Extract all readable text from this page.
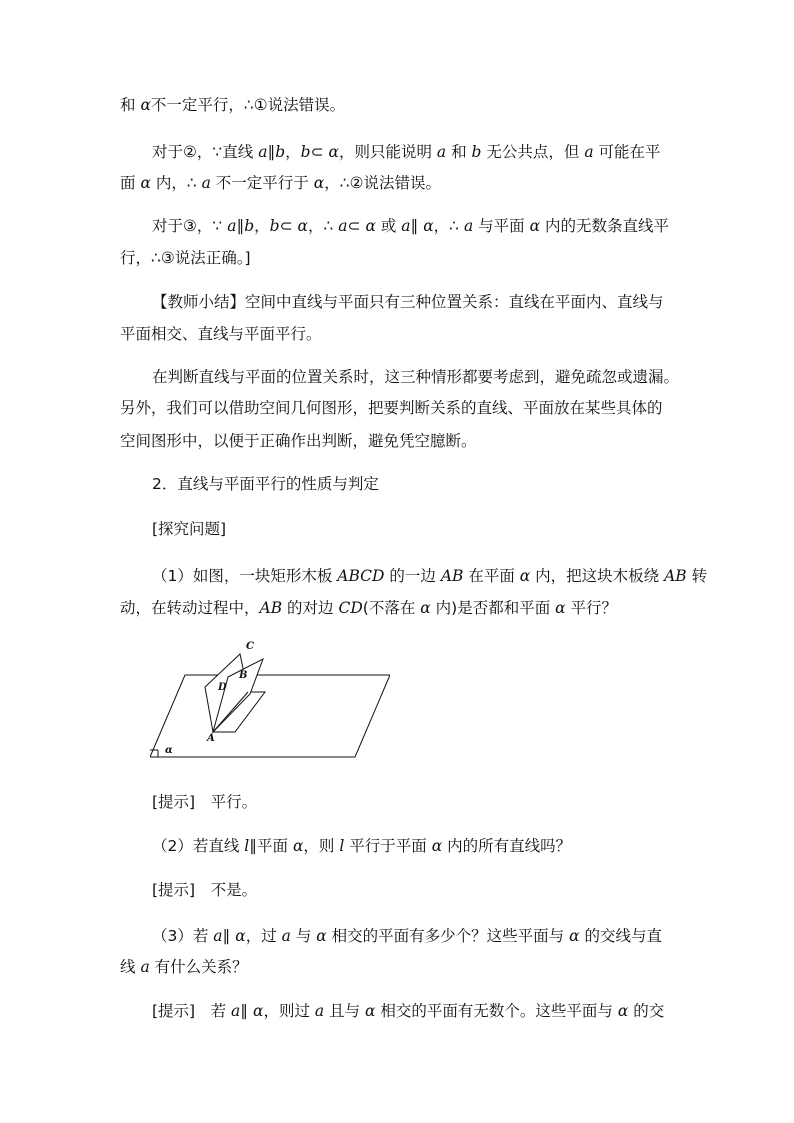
和 α不一定平行，∴①说法错误。
对于②，∵直线 a∥b，b⊂ α，则只能说明 a 和 b 无公共点，但 a 可能在平
面 α 内，∴ a 不一定平行于 α，∴②说法错误。
对于③，∵ a∥b，b⊂ α，∴ a⊂ α 或 a∥ α，∴ a 与平面 α 内的无数条直线平
行，∴③说法正确。]
【教师小结】空间中直线与平面只有三种位置关系：直线在平面内、直线与
平面相交、直线与平面平行。
在判断直线与平面的位置关系时，这三种情形都要考虑到，避免疏忽或遗漏。
另外，我们可以借助空间几何图形，把要判断关系的直线、平面放在某些具体的
空间图形中，以便于正确作出判断，避免凭空臆断。
2．直线与平面平行的性质与判定
[探究问题]
（1）如图，一块矩形木板 ABCD 的一边 AB 在平面 α 内，把这块木板绕 AB 转
动，在转动过程中，AB 的对边 CD(不落在 α 内)是否都和平面 α 平行？
A
B
C
D
α
[提示]　平行。
（2）若直线 l∥平面 α，则 l 平行于平面 α 内的所有直线吗？
[提示]　不是。
（3）若 a∥ α，过 a 与 α 相交的平面有多少个？这些平面与 α 的交线与直
线 a 有什么关系？
[提示]　若 a∥ α，则过 a 且与 α 相交的平面有无数个。这些平面与 α 的交
